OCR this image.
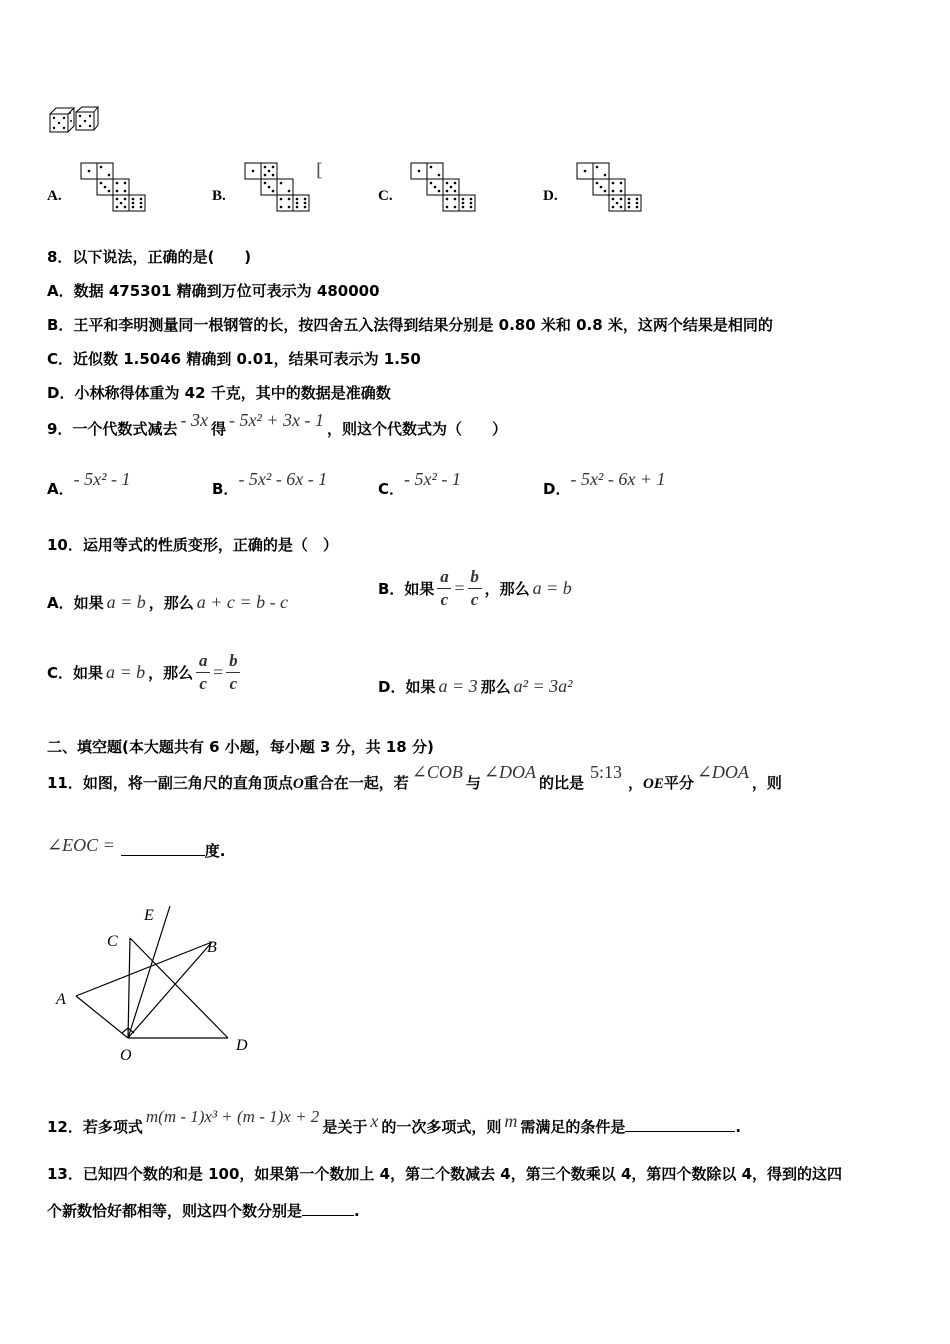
A.	B.	C.	D.
[
8．以下说法，正确的是(　　)
A．数据 475301 精确到万位可表示为 480000
B．王平和李明测量同一根钢管的长，按四舍五入法得到结果分别是 0.80 米和 0.8 米，这两个结果是相同的
C．近似数 1.5046 精确到 0.01，结果可表示为 1.50
D．小林称得体重为 42 千克，其中的数据是准确数
9．一个代数式减去 - 3x 得 - 5x² + 3x - 1 ，则这个代数式为（　　）
A．- 5x² - 1	B．- 5x² - 6x - 1	C．- 5x² - 1	D．- 5x² - 6x + 1
10．运用等式的性质变形，正确的是（　）
A．如果 a = b ，那么 a + c = b - c
B．如果 $\frac{a}{c} = \frac{b}{c}$ ，那么 a = b
C．如果 a = b ，那么 $\frac{a}{c} = \frac{b}{c}$	D．如果 a = 3 那么 a² = 3a²
二、填空题(本大题共有 6 小题，每小题 3 分，共 18 分)
11．如图，将一副三角尺的直角顶点O重合在一起，若∠COB与∠DOA的比是5:13，OE平分∠DOA，则
∠EOC =	度.
E
C	B
A
O
D
12．若多项式m(m - 1)x³ + (m - 1)x + 2是关于 x 的一次多项式，则 m 需满足的条件是	.
13．已知四个数的和是 100，如果第一个数加上 4，第二个数减去 4，第三个数乘以 4，第四个数除以 4，得到的这四
个新数恰好都相等，则这四个数分别是	.
